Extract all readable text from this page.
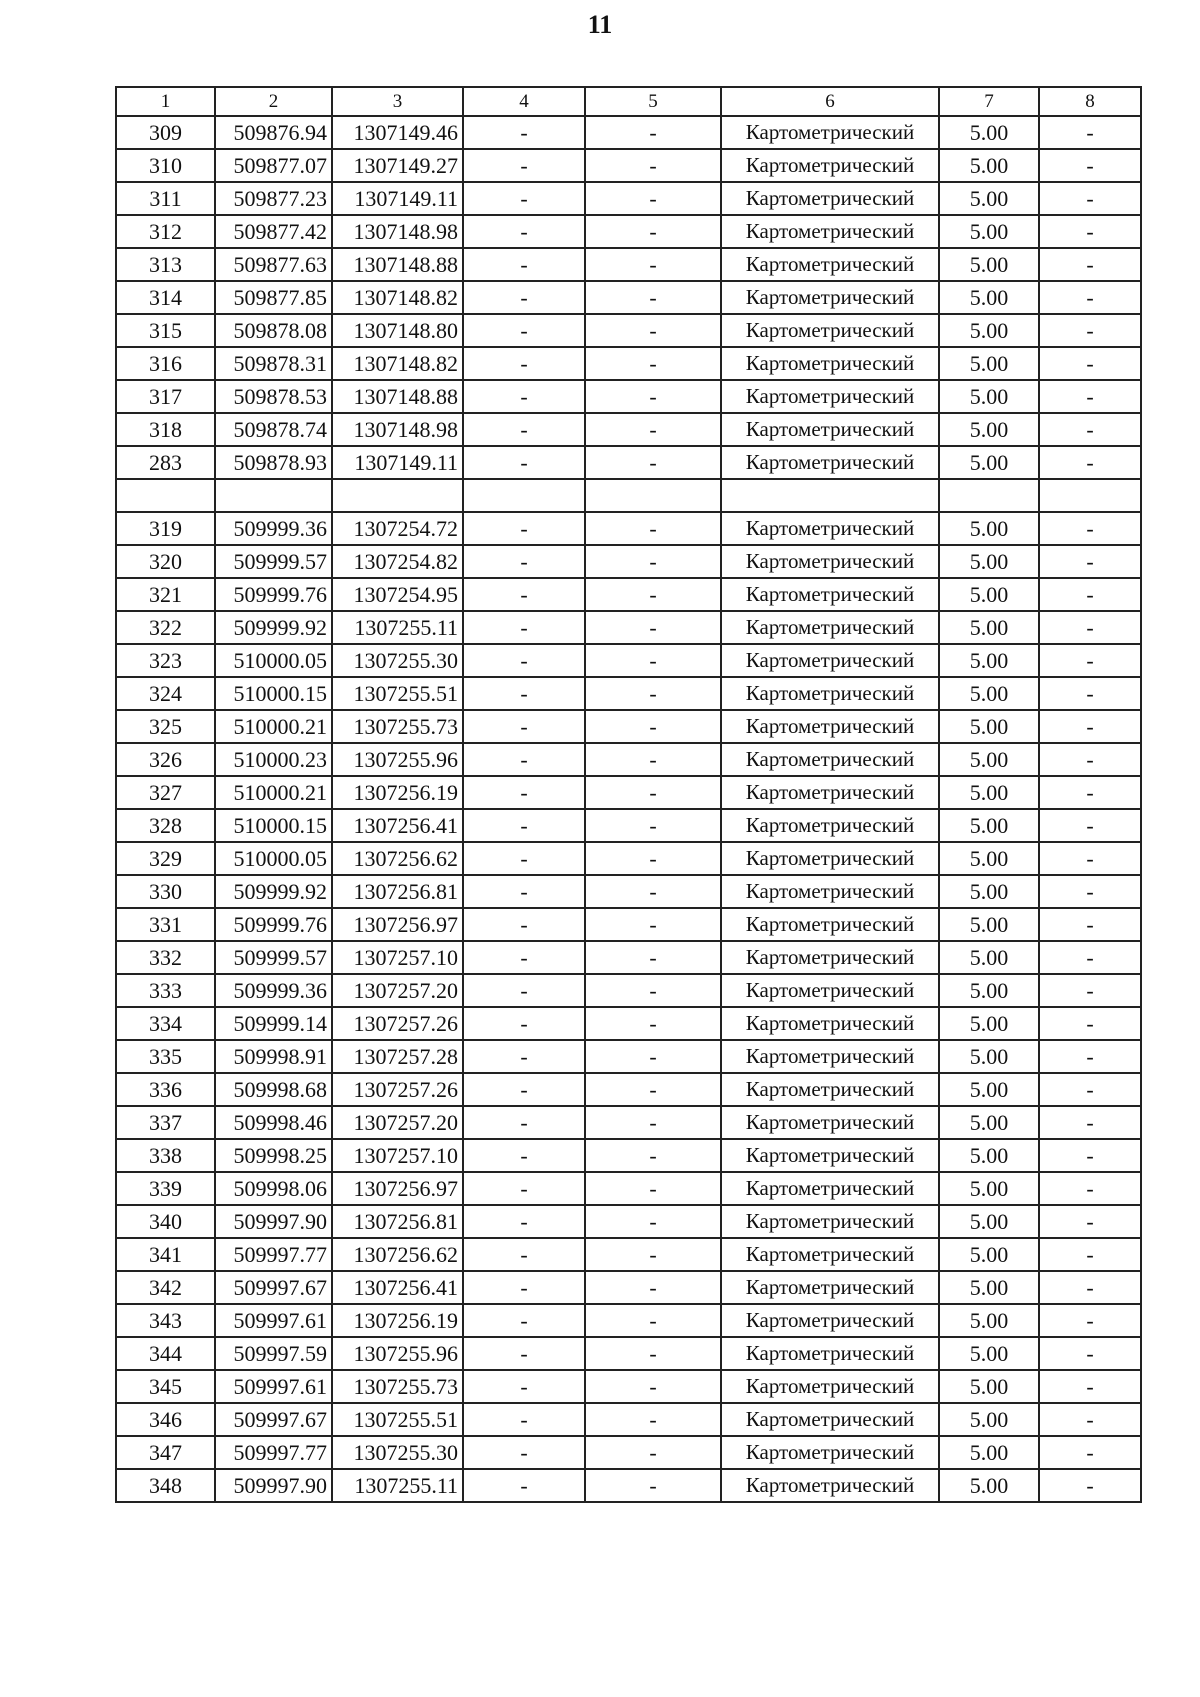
11
1	2	3	4	5	6	7	8
309	509876.94	1307149.46	-	-	Картометрический	5.00	-
310	509877.07	1307149.27	-	-	Картометрический	5.00	-
311	509877.23	1307149.11	-	-	Картометрический	5.00	-
312	509877.42	1307148.98	-	-	Картометрический	5.00	-
313	509877.63	1307148.88	-	-	Картометрический	5.00	-
314	509877.85	1307148.82	-	-	Картометрический	5.00	-
315	509878.08	1307148.80	-	-	Картометрический	5.00	-
316	509878.31	1307148.82	-	-	Картометрический	5.00	-
317	509878.53	1307148.88	-	-	Картометрический	5.00	-
318	509878.74	1307148.98	-	-	Картометрический	5.00	-
283	509878.93	1307149.11	-	-	Картометрический	5.00	-

319	509999.36	1307254.72	-	-	Картометрический	5.00	-
320	509999.57	1307254.82	-	-	Картометрический	5.00	-
321	509999.76	1307254.95	-	-	Картометрический	5.00	-
322	509999.92	1307255.11	-	-	Картометрический	5.00	-
323	510000.05	1307255.30	-	-	Картометрический	5.00	-
324	510000.15	1307255.51	-	-	Картометрический	5.00	-
325	510000.21	1307255.73	-	-	Картометрический	5.00	-
326	510000.23	1307255.96	-	-	Картометрический	5.00	-
327	510000.21	1307256.19	-	-	Картометрический	5.00	-
328	510000.15	1307256.41	-	-	Картометрический	5.00	-
329	510000.05	1307256.62	-	-	Картометрический	5.00	-
330	509999.92	1307256.81	-	-	Картометрический	5.00	-
331	509999.76	1307256.97	-	-	Картометрический	5.00	-
332	509999.57	1307257.10	-	-	Картометрический	5.00	-
333	509999.36	1307257.20	-	-	Картометрический	5.00	-
334	509999.14	1307257.26	-	-	Картометрический	5.00	-
335	509998.91	1307257.28	-	-	Картометрический	5.00	-
336	509998.68	1307257.26	-	-	Картометрический	5.00	-
337	509998.46	1307257.20	-	-	Картометрический	5.00	-
338	509998.25	1307257.10	-	-	Картометрический	5.00	-
339	509998.06	1307256.97	-	-	Картометрический	5.00	-
340	509997.90	1307256.81	-	-	Картометрический	5.00	-
341	509997.77	1307256.62	-	-	Картометрический	5.00	-
342	509997.67	1307256.41	-	-	Картометрический	5.00	-
343	509997.61	1307256.19	-	-	Картометрический	5.00	-
344	509997.59	1307255.96	-	-	Картометрический	5.00	-
345	509997.61	1307255.73	-	-	Картометрический	5.00	-
346	509997.67	1307255.51	-	-	Картометрический	5.00	-
347	509997.77	1307255.30	-	-	Картометрический	5.00	-
348	509997.90	1307255.11	-	-	Картометрический	5.00	-
